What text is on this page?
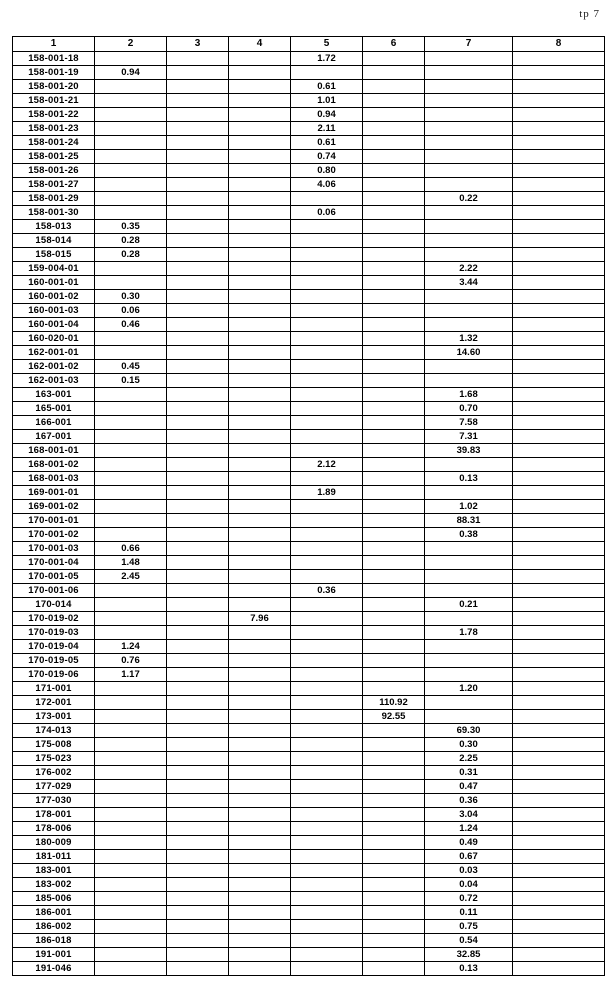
tp 7
1	2	3	4	5	6	7	8
158-001-18				1.72			
158-001-19	0.94						
158-001-20				0.61			
158-001-21				1.01			
158-001-22				0.94			
158-001-23				2.11			
158-001-24				0.61			
158-001-25				0.74			
158-001-26				0.80			
158-001-27				4.06			
158-001-29						0.22	
158-001-30				0.06			
158-013	0.35						
158-014	0.28						
158-015	0.28						
159-004-01						2.22	
160-001-01						3.44	
160-001-02	0.30						
160-001-03	0.06						
160-001-04	0.46						
160-020-01						1.32	
162-001-01						14.60	
162-001-02	0.45						
162-001-03	0.15						
163-001						1.68	
165-001						0.70	
166-001						7.58	
167-001						7.31	
168-001-01						39.83	
168-001-02				2.12			
168-001-03						0.13	
169-001-01				1.89			
169-001-02						1.02	
170-001-01						88.31	
170-001-02						0.38	
170-001-03	0.66						
170-001-04	1.48						
170-001-05	2.45						
170-001-06				0.36			
170-014						0.21	
170-019-02			7.96				
170-019-03						1.78	
170-019-04	1.24						
170-019-05	0.76						
170-019-06	1.17						
171-001						1.20	
172-001					110.92		
173-001					92.55		
174-013						69.30	
175-008						0.30	
175-023						2.25	
176-002						0.31	
177-029						0.47	
177-030						0.36	
178-001						3.04	
178-006						1.24	
180-009						0.49	
181-011						0.67	
183-001						0.03	
183-002						0.04	
185-006						0.72	
186-001						0.11	
186-002						0.75	
186-018						0.54	
191-001						32.85	
191-046						0.13	
